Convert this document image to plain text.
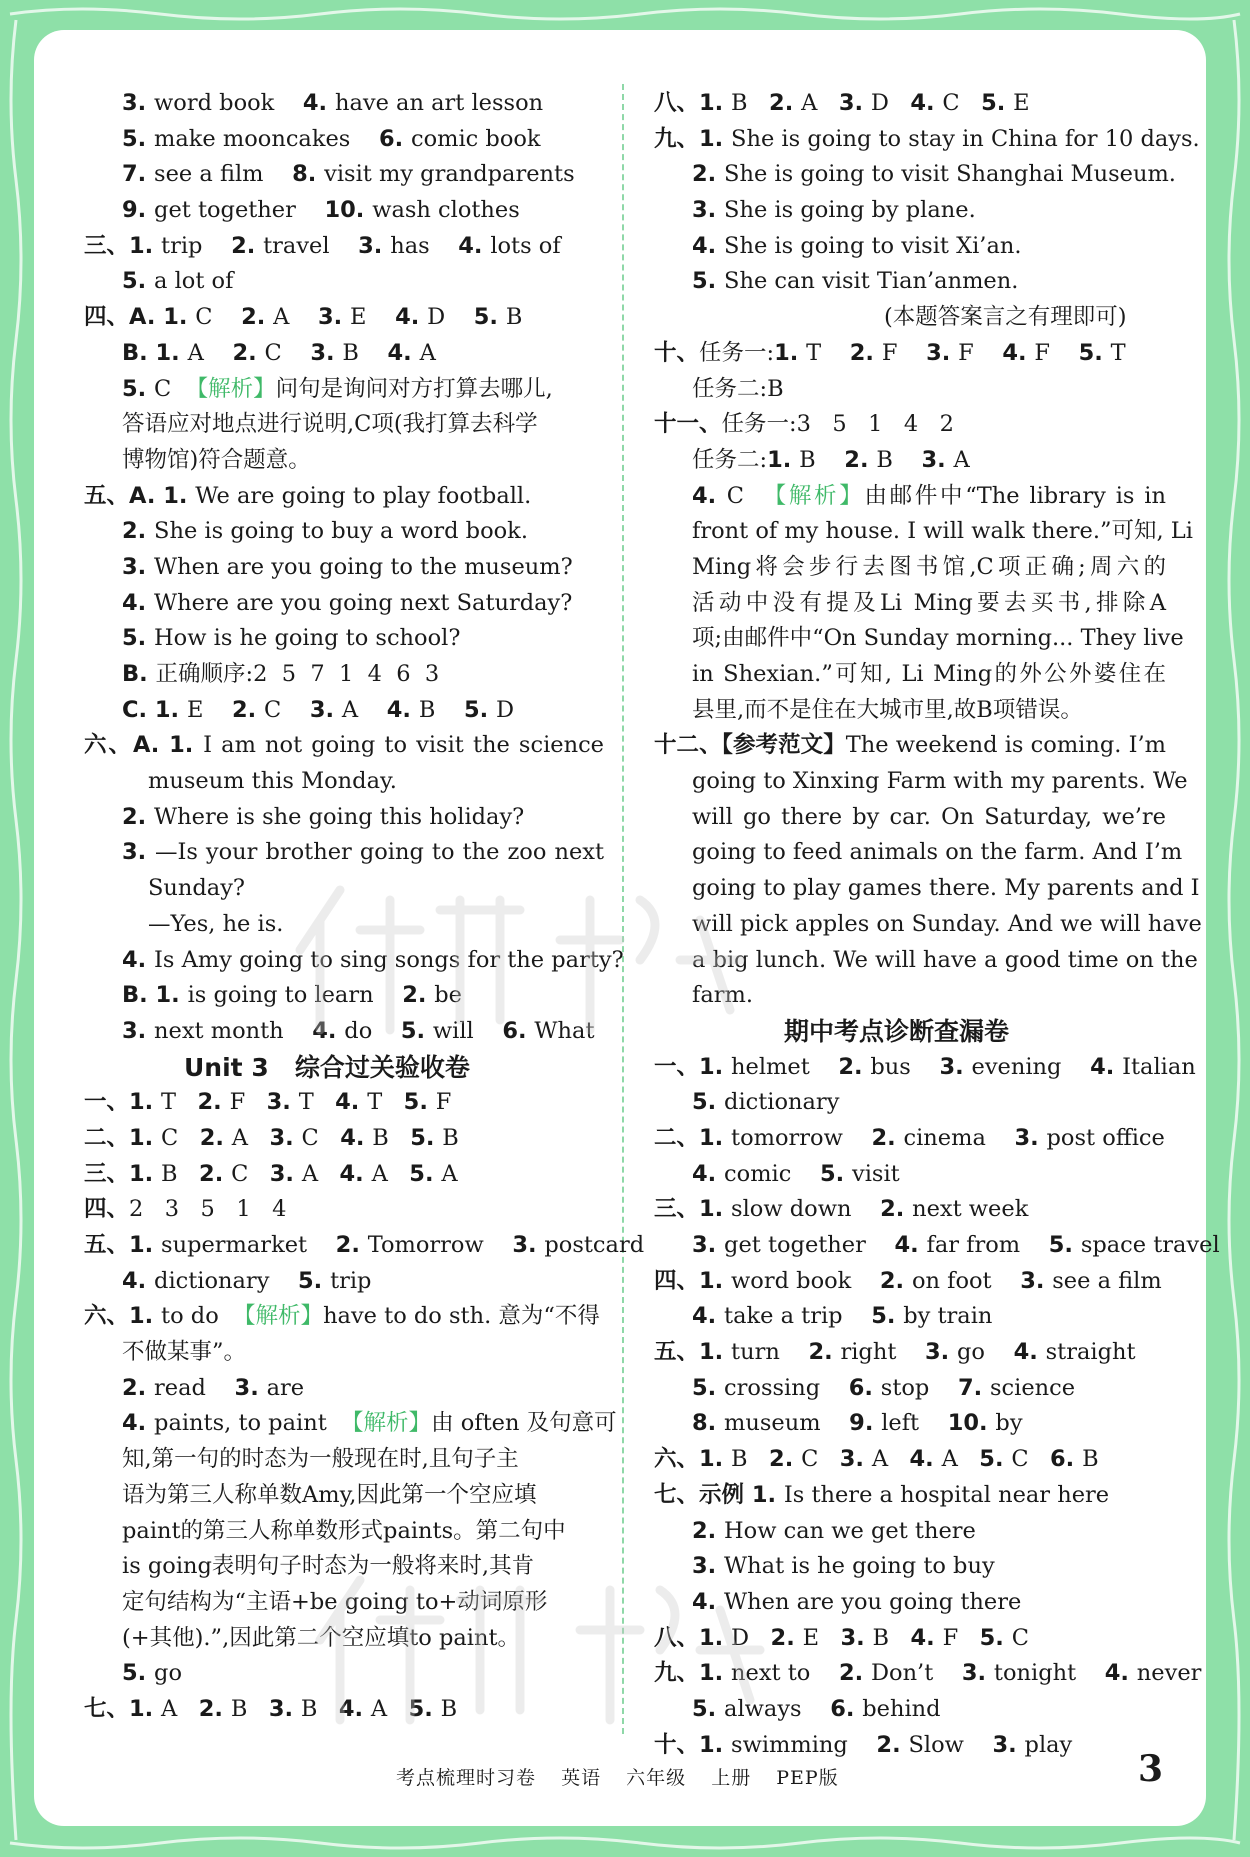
3. word book    4. have an art lesson
5. make mooncakes    6. comic book
7. see a film    8. visit my grandparents
9. get together    10. wash clothes
三、1. trip    2. travel    3. has    4. lots of
5. a lot of
四、A. 1. C    2. A    3. E    4. D    5. B
B. 1. A    2. C    3. B    4. A
5. C  【解析】问句是询问对方打算去哪儿,
答语应对地点进行说明,C项(我打算去科学
博物馆)符合题意。
五、A. 1. We are going to play football.
2. She is going to buy a word book.
3. When are you going to the museum?
4. Where are you going next Saturday?
5. How is he going to school?
B. 正确顺序:2  5  7  1  4  6  3
C. 1. E    2. C    3. A    4. B    5. D
六、A. 1. I am not going to visit the science
museum this Monday.
2. Where is she going this holiday?
3. —Is your brother going to the zoo next
Sunday?
—Yes, he is.
4. Is Amy going to sing songs for the party?
B. 1. is going to learn    2. be
3. next month    4. do    5. will    6. What
Unit 3   综合过关验收卷
一、1. T   2. F   3. T   4. T   5. F
二、1. C   2. A   3. C   4. B   5. B
三、1. B   2. C   3. A   4. A   5. A
四、2   3   5   1   4
五、1. supermarket    2. Tomorrow    3. postcard
4. dictionary    5. trip
六、1. to do  【解析】have to do sth. 意为“不得
不做某事”。
2. read    3. are
4. paints, to paint  【解析】由 often 及句意可
知,第一句的时态为一般现在时,且句子主
语为第三人称单数Amy,因此第一个空应填
paint的第三人称单数形式paints。第二句中
is going表明句子时态为一般将来时,其肯
定句结构为“主语+be going to+动词原形
(+其他).”,因此第二个空应填to paint。
5. go
七、1. A   2. B   3. B   4. A   5. B
八、1. B   2. A   3. D   4. C   5. E
九、1. She is going to stay in China for 10 days.
2. She is going to visit Shanghai Museum.
3. She is going by plane.
4. She is going to visit Xi’an.
5. She can visit Tian’anmen.
(本题答案言之有理即可)
十、任务一:1. T    2. F    3. F    4. F    5. T
任务二:B
十一、任务一:3   5   1   4   2
任务二:1. B    2. B    3. A
4. C  【解析】由邮件中“The library is in
front of my house. I will walk there.”可知, Li
Ming将会步行去图书馆,C项正确;周六的
活动中没有提及Li Ming要去买书,排除A
项;由邮件中“On Sunday morning... They live
in Shexian.”可知, Li Ming的外公外婆住在
县里,而不是住在大城市里,故B项错误。
十二、【参考范文】The weekend is coming. I’m
going to Xinxing Farm with my parents. We
will go there by car. On Saturday, we’re
going to feed animals on the farm. And I’m
going to play games there. My parents and I
will pick apples on Sunday. And we will have
a big lunch. We will have a good time on the
farm.
期中考点诊断查漏卷
一、1. helmet    2. bus    3. evening    4. Italian
5. dictionary
二、1. tomorrow    2. cinema    3. post office
4. comic    5. visit
三、1. slow down    2. next week
3. get together    4. far from    5. space travel
四、1. word book    2. on foot    3. see a film
4. take a trip    5. by train
五、1. turn    2. right    3. go    4. straight
5. crossing    6. stop    7. science
8. museum    9. left    10. by
六、1. B   2. C   3. A   4. A   5. C   6. B
七、示例 1. Is there a hospital near here
2. How can we get there
3. What is he going to buy
4. When are you going there
八、1. D   2. E   3. B   4. F   5. C
九、1. next to    2. Don’t    3. tonight    4. never
5. always    6. behind
十、1. swimming    2. Slow    3. play
考点梳理时习卷 英语 六年级 上册 PEP版	3
